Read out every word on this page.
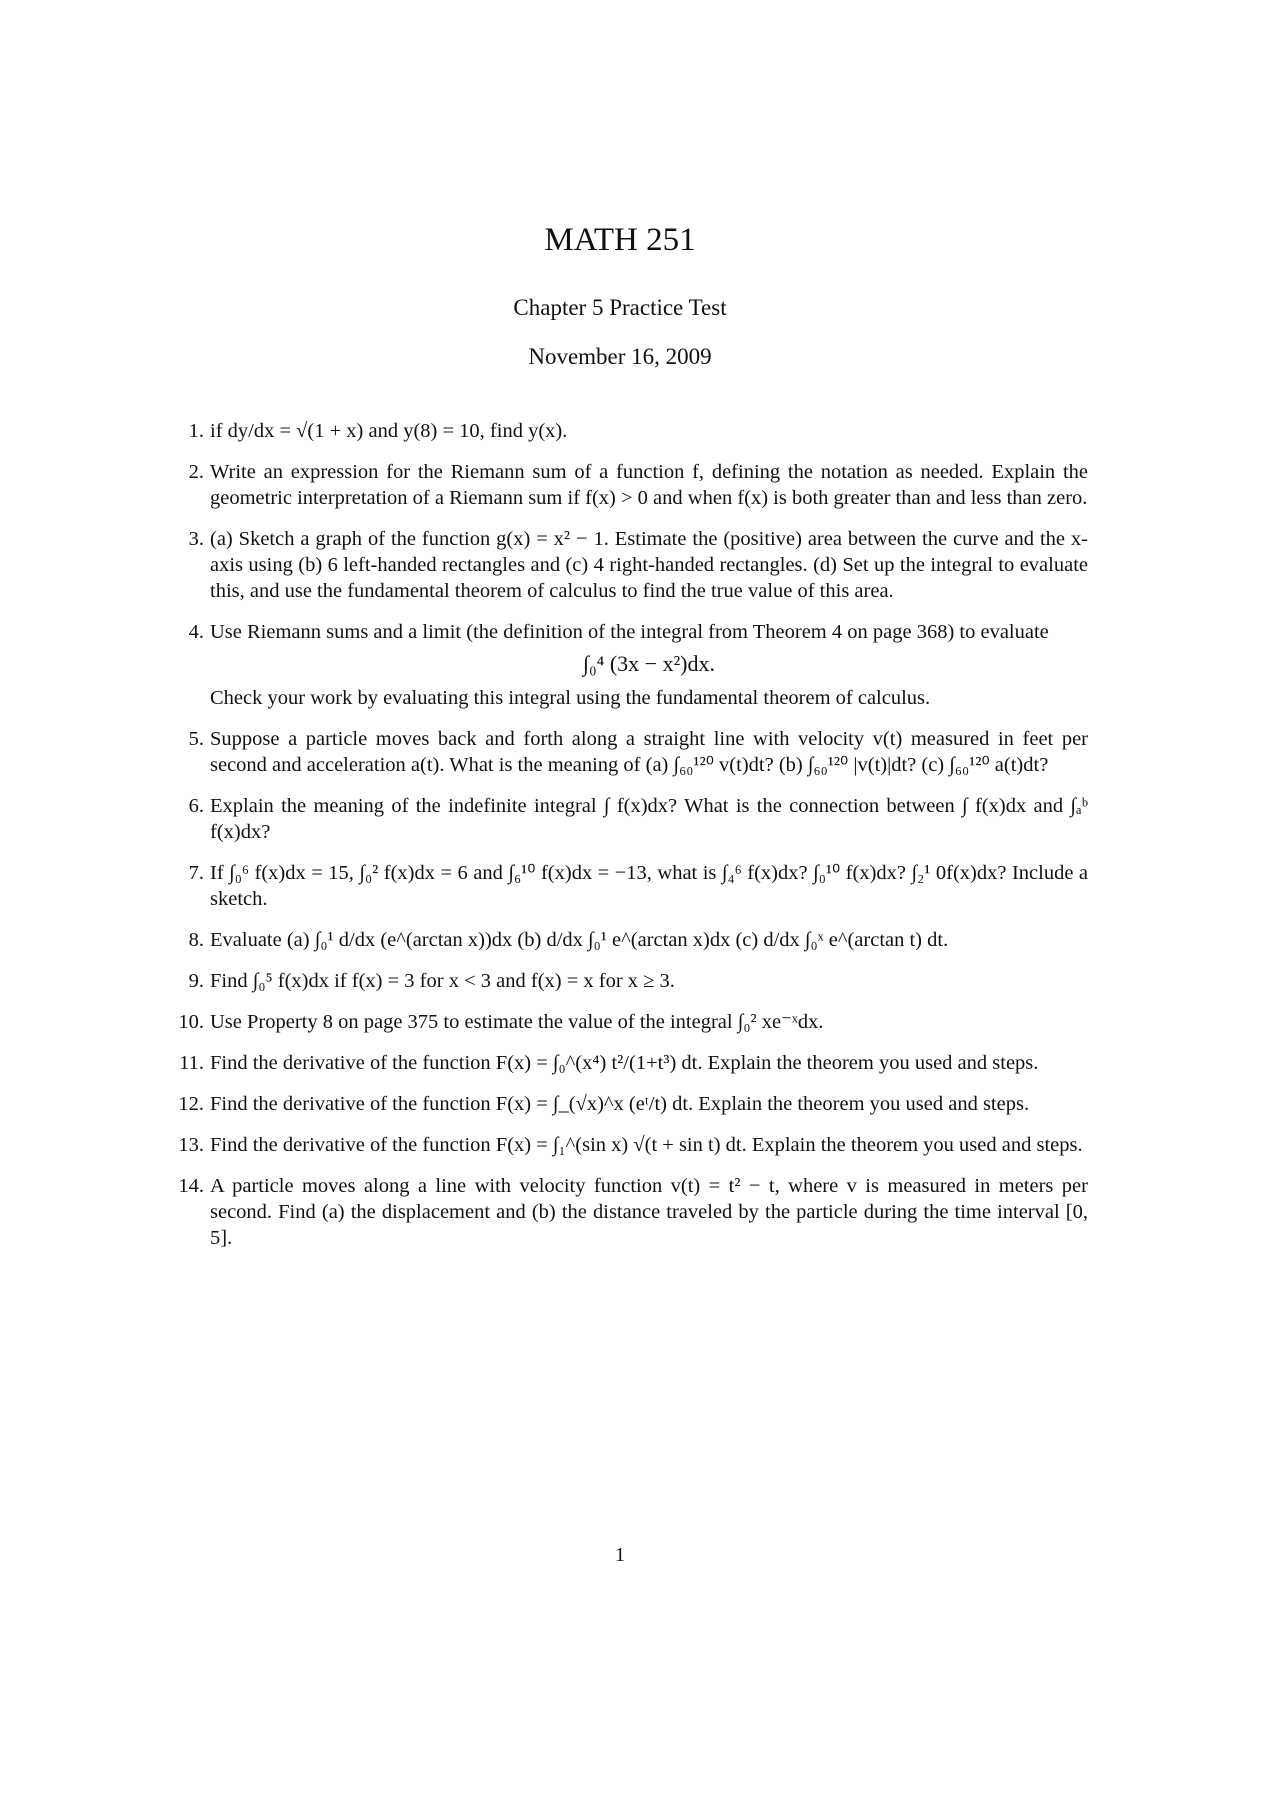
MATH 251
Chapter 5 Practice Test
November 16, 2009
1. if dy/dx = √(1 + x) and y(8) = 10, find y(x).
2. Write an expression for the Riemann sum of a function f, defining the notation as needed. Explain the geometric interpretation of a Riemann sum if f(x) > 0 and when f(x) is both greater than and less than zero.
3. (a) Sketch a graph of the function g(x) = x² − 1. Estimate the (positive) area between the curve and the x-axis using (b) 6 left-handed rectangles and (c) 4 right-handed rectangles. (d) Set up the integral to evaluate this, and use the fundamental theorem of calculus to find the true value of this area.
4. Use Riemann sums and a limit (the definition of the integral from Theorem 4 on page 368) to evaluate
∫₀⁴ (3x − x²)dx.
Check your work by evaluating this integral using the fundamental theorem of calculus.
5. Suppose a particle moves back and forth along a straight line with velocity v(t) measured in feet per second and acceleration a(t). What is the meaning of (a) ∫₆₀¹²⁰ v(t)dt? (b) ∫₆₀¹²⁰ |v(t)|dt? (c) ∫₆₀¹²⁰ a(t)dt?
6. Explain the meaning of the indefinite integral ∫ f(x)dx? What is the connection between ∫ f(x)dx and ∫ₐᵇ f(x)dx?
7. If ∫₀⁶ f(x)dx = 15, ∫₀² f(x)dx = 6 and ∫₆¹⁰ f(x)dx = −13, what is ∫₄⁶ f(x)dx? ∫₀¹⁰ f(x)dx? ∫₂¹ 0f(x)dx? Include a sketch.
8. Evaluate (a) ∫₀¹ d/dx (e^(arctan x))dx (b) d/dx ∫₀¹ e^(arctan x)dx (c) d/dx ∫₀ˣ e^(arctan t) dt.
9. Find ∫₀⁵ f(x)dx if f(x) = 3 for x < 3 and f(x) = x for x ≥ 3.
10. Use Property 8 on page 375 to estimate the value of the integral ∫₀² xe⁻ˣdx.
11. Find the derivative of the function F(x) = ∫₀^(x⁴) t²/(1+t³) dt. Explain the theorem you used and steps.
12. Find the derivative of the function F(x) = ∫_(√x)^x (eᵗ/t) dt. Explain the theorem you used and steps.
13. Find the derivative of the function F(x) = ∫₁^(sin x) √(t + sin t) dt. Explain the theorem you used and steps.
14. A particle moves along a line with velocity function v(t) = t² − t, where v is measured in meters per second. Find (a) the displacement and (b) the distance traveled by the particle during the time interval [0, 5].
1
